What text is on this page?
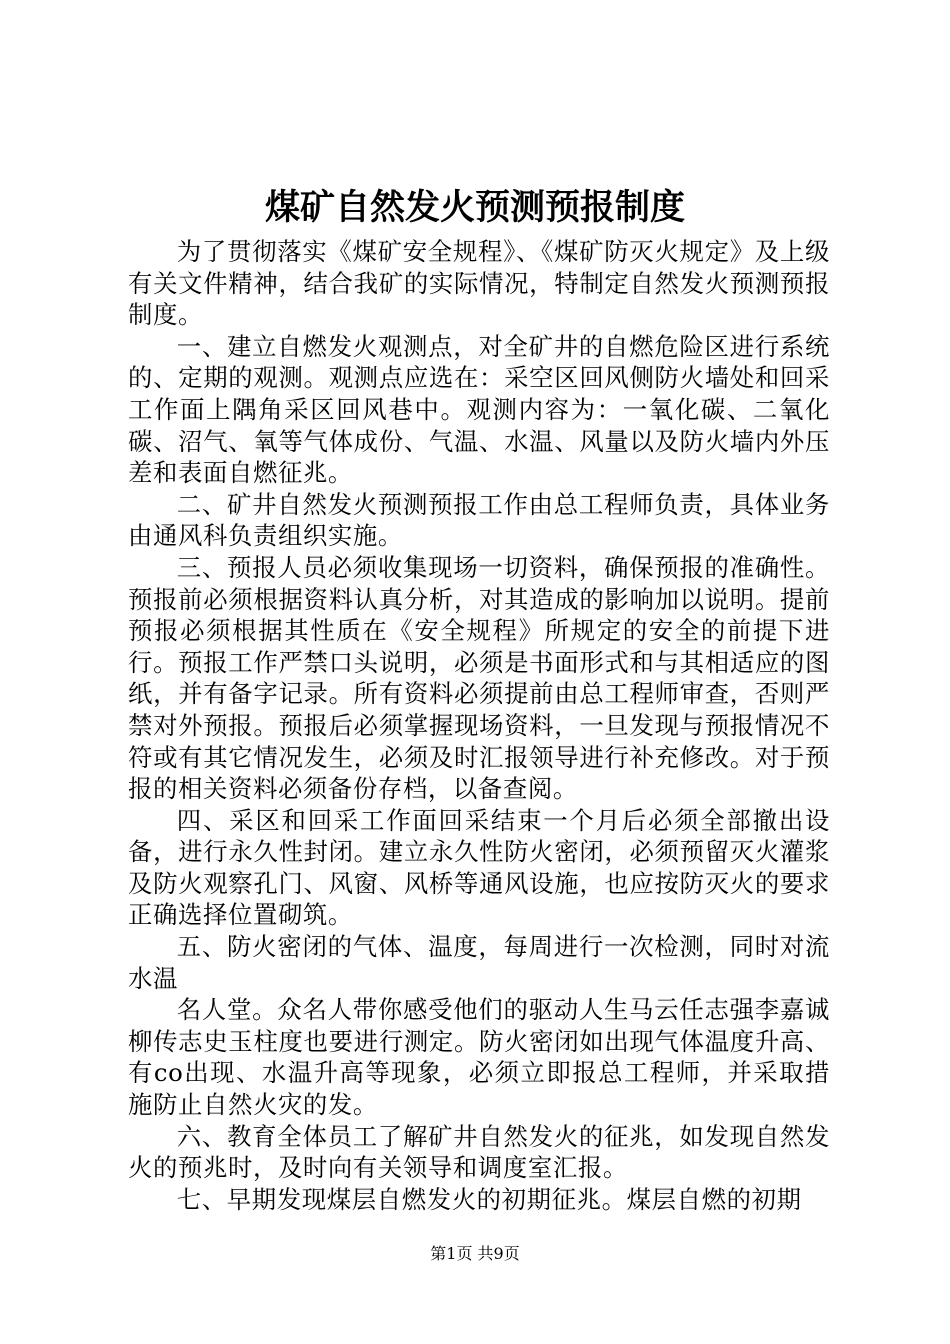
煤矿自然发火预测预报制度

为了贯彻落实《煤矿安全规程》、《煤矿防灭火规定》及上级有关文件精神，结合我矿的实际情况，特制定自然发火预测预报制度。

一、建立自燃发火观测点，对全矿井的自燃危险区进行系统的、定期的观测。观测点应选在：采空区回风侧防火墙处和回采工作面上隅角采区回风巷中。观测内容为：一氧化碳、二氧化碳、沼气、氧等气体成份、气温、水温、风量以及防火墙内外压差和表面自燃征兆。

二、矿井自然发火预测预报工作由总工程师负责，具体业务由通风科负责组织实施。

三、预报人员必须收集现场一切资料，确保预报的准确性。预报前必须根据资料认真分析，对其造成的影响加以说明。提前预报必须根据其性质在《安全规程》所规定的安全的前提下进行。预报工作严禁口头说明，必须是书面形式和与其相适应的图纸，并有备字记录。所有资料必须提前由总工程师审查，否则严禁对外预报。预报后必须掌握现场资料，一旦发现与预报情况不符或有其它情况发生，必须及时汇报领导进行补充修改。对于预报的相关资料必须备份存档，以备查阅。

四、采区和回采工作面回采结束一个月后必须全部撤出设备，进行永久性封闭。建立永久性防火密闭，必须预留灭火灌浆及防火观察孔门、风窗、风桥等通风设施，也应按防灭火的要求正确选择位置砌筑。

五、防火密闭的气体、温度，每周进行一次检测，同时对流水温

名人堂。众名人带你感受他们的驱动人生马云任志强李嘉诚柳传志史玉柱度也要进行测定。防火密闭如出现气体温度升高、有co出现、水温升高等现象，必须立即报总工程师，并采取措施防止自然火灾的发。

六、教育全体员工了解矿井自然发火的征兆，如发现自然发火的预兆时，及时向有关领导和调度室汇报。

七、早期发现煤层自燃发火的初期征兆。煤层自燃的初期

第1页 共9页
